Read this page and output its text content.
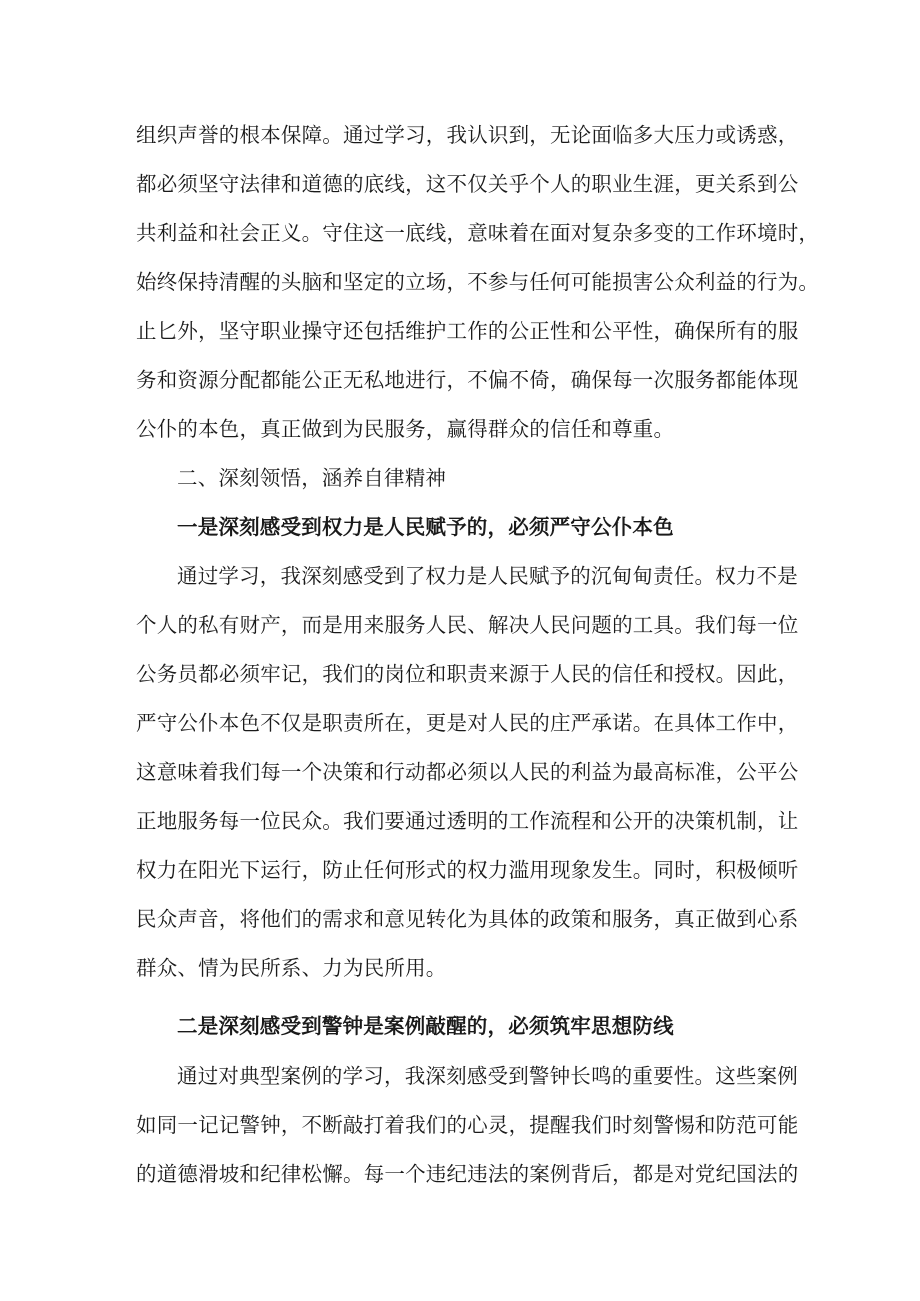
组织声誉的根本保障。通过学习，我认识到，无论面临多大压力或诱惑，
都必须坚守法律和道德的底线，这不仅关乎个人的职业生涯，更关系到公
共利益和社会正义。守住这一底线，意味着在面对复杂多变的工作环境时，
始终保持清醒的头脑和坚定的立场，不参与任何可能损害公众利益的行为。
止匕外，坚守职业操守还包括维护工作的公正性和公平性，确保所有的服
务和资源分配都能公正无私地进行，不偏不倚，确保每一次服务都能体现
公仆的本色，真正做到为民服务，赢得群众的信任和尊重。
二、深刻领悟，涵养自律精神
一是深刻感受到权力是人民赋予的，必须严守公仆本色
通过学习，我深刻感受到了权力是人民赋予的沉甸甸责任。权力不是
个人的私有财产，而是用来服务人民、解决人民问题的工具。我们每一位
公务员都必须牢记，我们的岗位和职责来源于人民的信任和授权。因此，
严守公仆本色不仅是职责所在，更是对人民的庄严承诺。在具体工作中，
这意味着我们每一个决策和行动都必须以人民的利益为最高标准，公平公
正地服务每一位民众。我们要通过透明的工作流程和公开的决策机制，让
权力在阳光下运行，防止任何形式的权力滥用现象发生。同时，积极倾听
民众声音，将他们的需求和意见转化为具体的政策和服务，真正做到心系
群众、情为民所系、力为民所用。
二是深刻感受到警钟是案例敲醒的，必须筑牢思想防线
通过对典型案例的学习，我深刻感受到警钟长鸣的重要性。这些案例
如同一记记警钟，不断敲打着我们的心灵，提醒我们时刻警惕和防范可能
的道德滑坡和纪律松懈。每一个违纪违法的案例背后，都是对党纪国法的
